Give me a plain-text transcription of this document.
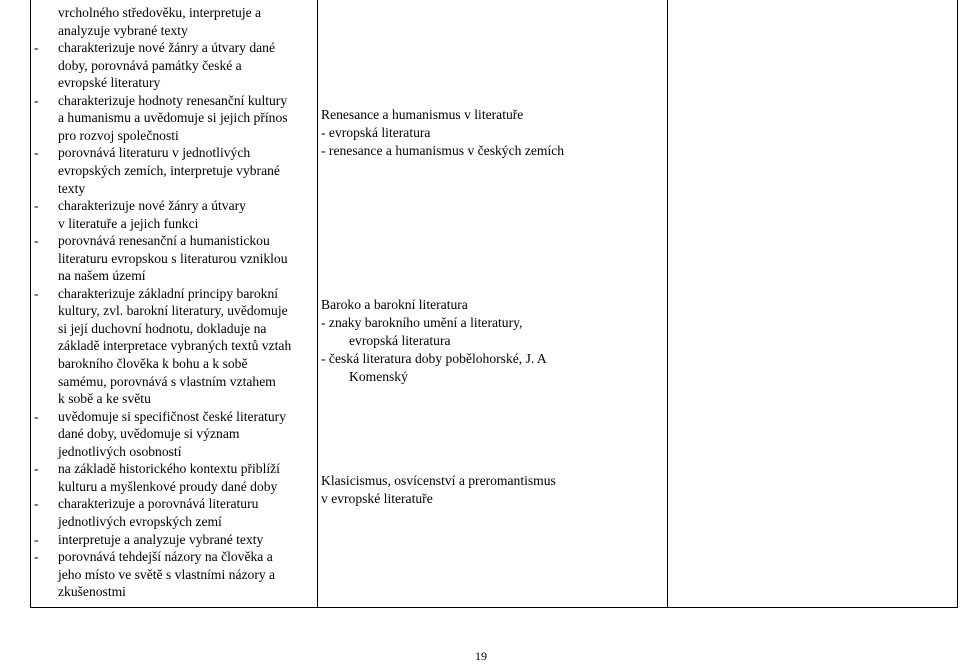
vrcholného středověku, interpretuje a
analyzuje vybrané texty
- charakterizuje nové žánry a útvary dané
doby, porovnává památky české a
evropské literatury
- charakterizuje hodnoty renesanční kultury
a humanismu a uvědomuje si jejich přínos
pro rozvoj společnosti
- porovnává literaturu v jednotlivých
evropských zemích, interpretuje vybrané
texty
- charakterizuje nové žánry a útvary
v literatuře a jejich funkci
- porovnává renesanční a humanistickou
literaturu evropskou s literaturou vzniklou
na našem území
- charakterizuje základní principy barokní
kultury, zvl. barokní literatury, uvědomuje
si její duchovní hodnotu, dokladuje na
základě interpretace vybraných textů vztah
barokního člověka k bohu a k sobě
samému, porovnává s vlastním vztahem
k sobě a ke světu
- uvědomuje si specifičnost české literatury
dané doby, uvědomuje si význam
jednotlivých osobností
- na základě historického kontextu přiblíží
kulturu a myšlenkové proudy dané doby
- charakterizuje a porovnává literaturu
jednotlivých evropských zemí
- interpretuje a analyzuje vybrané texty
- porovnává tehdejší názory na člověka a
jeho místo ve světě s vlastními názory a
zkušenostmi
Renesance a humanismus v literatuře
- evropská literatura
- renesance a humanismus v českých zemích
Baroko a barokní literatura
- znaky barokního umění a literatury,
evropská literatura
- česká literatura doby pobělohorské, J. A
Komenský
Klasicismus, osvícenství a preromantismus
v evropské literatuře
19
